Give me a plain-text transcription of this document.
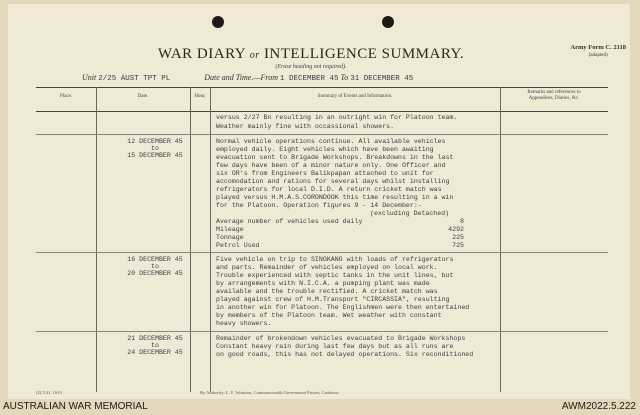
WAR DIARY or INTELLIGENCE SUMMARY.
(Erase heading not required).
Army Form C. 2118
(adapted)
Unit 2/25 AUST TPT PL	Date and Time.—From 1 DECEMBER 45 To 31 DECEMBER 45
Place.	Date.	Hour.	Summary of Events and Information.
Remarks and references to
Appendices, Diaries, &c.
versus 2/27 Bn resulting in an outright win for Platoon team.
Weather mainly fine with occassional showers.
12 DECEMBER 45
to
15 DECEMBER 45
Normal vehicle operations continue. All available vehicles
employed daily. Eight vehicles which have been awaiting
evacuation sent to Brigade Workshops. Breakdowns in the last
few days have been of a minor nature only. One Officer and
six OR's from Engineers Balikpapan attached to unit for
accomodation and rations for several days whilst installing
refrigerators for local D.I.D. A return cricket match was
played versus H.M.A.S.CORONDOOK this time resulting in a win
for the Platoon. Operation figures 9 - 14 December:-
(excluding Detached)
Average number of vehicles used daily	8
Mileage	4292
Tonnage	225
Petrol Used	725
16 DECEMBER 45
to
20 DECEMBER 45
Five vehicle on trip to SINGKANG with loads of refrigerators
and parts. Remainder of vehicles employed on local work.
Trouble experienced with septic tanks in the unit lines, but
by arrangements with N.I.C.A. a pumping plant was made
available and the trouble rectified. A cricket match was
played against crew of H.M.Transport "CIRCASSIA", resulting
in another win for Platoon. The Englishmen were then entertained
by members of the Platoon team. Wet weather with constant
heavy showers.
21 DECEMBER 45
to
24 DECEMBER 45
Remainder of brokendown vehicles evacuated to Brigade Workshops
Constant heavy rain during last few days but as all runs are
on good roads, this has not delayed operations. Six reconditioned
(2) 5/41. 1619.	By Authority: L. F. Johnston, Commonwealth Government Printer, Canberra.
AUSTRALIAN WAR MEMORIAL	AWM2022.5.222
